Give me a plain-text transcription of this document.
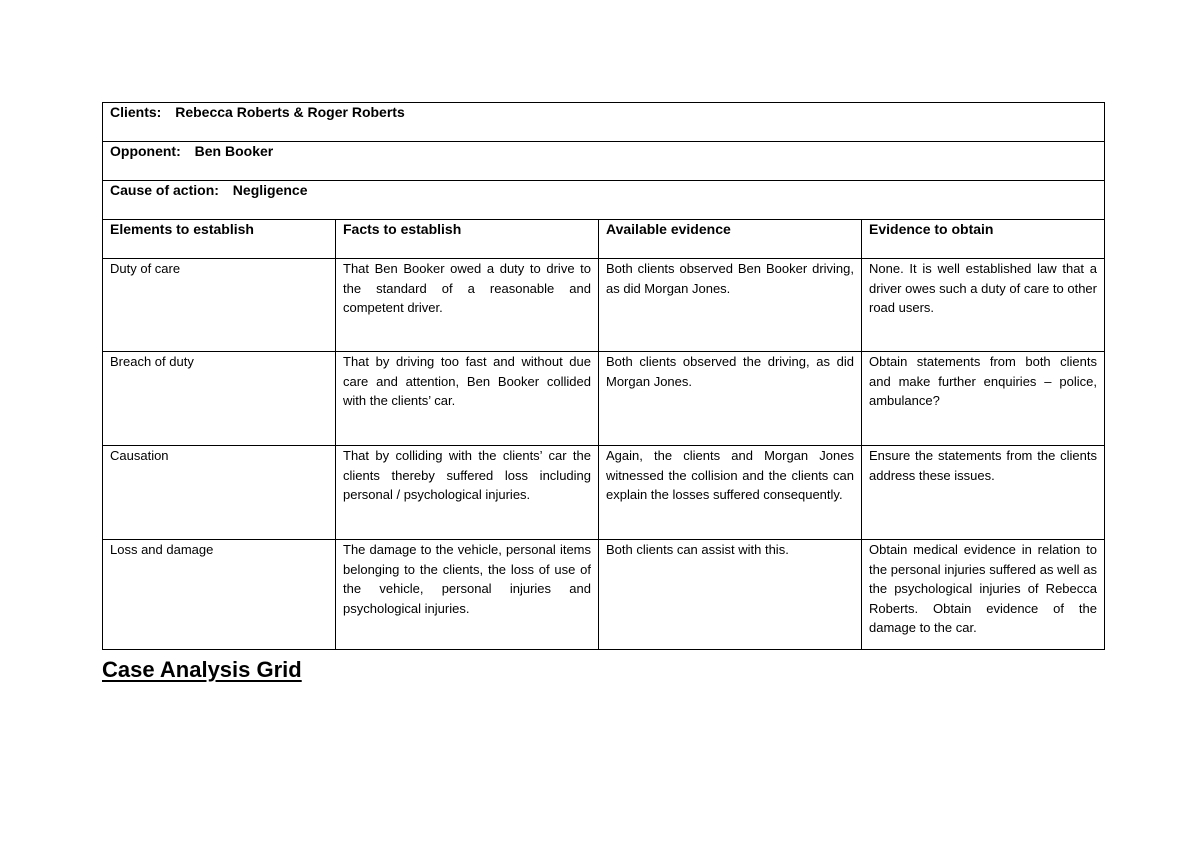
Clients: Rebecca Roberts & Roger Roberts			
Opponent: Ben Booker			
Cause of action: Negligence			
Elements to establish	Facts to establish	Available evidence	Evidence to obtain
Duty of care	That Ben Booker owed a duty to drive to the standard of a reasonable and competent driver.	Both clients observed Ben Booker driving, as did Morgan Jones.	None. It is well established law that a driver owes such a duty of care to other road users.
Breach of duty	That by driving too fast and without due care and attention, Ben Booker collided with the clients’ car.	Both clients observed the driving, as did Morgan Jones.	Obtain statements from both clients and make further enquiries – police, ambulance?
Causation	That by colliding with the clients’ car the clients thereby suffered loss including personal / psychological injuries.	Again, the clients and Morgan Jones witnessed the collision and the clients can explain the losses suffered consequently.	Ensure the statements from the clients address these issues.
Loss and damage	The damage to the vehicle, personal items belonging to the clients, the loss of use of the vehicle, personal injuries and psychological injuries.	Both clients can assist with this.	Obtain medical evidence in relation to the personal injuries suffered as well as the psychological injuries of Rebecca Roberts. Obtain evidence of the damage to the car.
Case Analysis Grid
